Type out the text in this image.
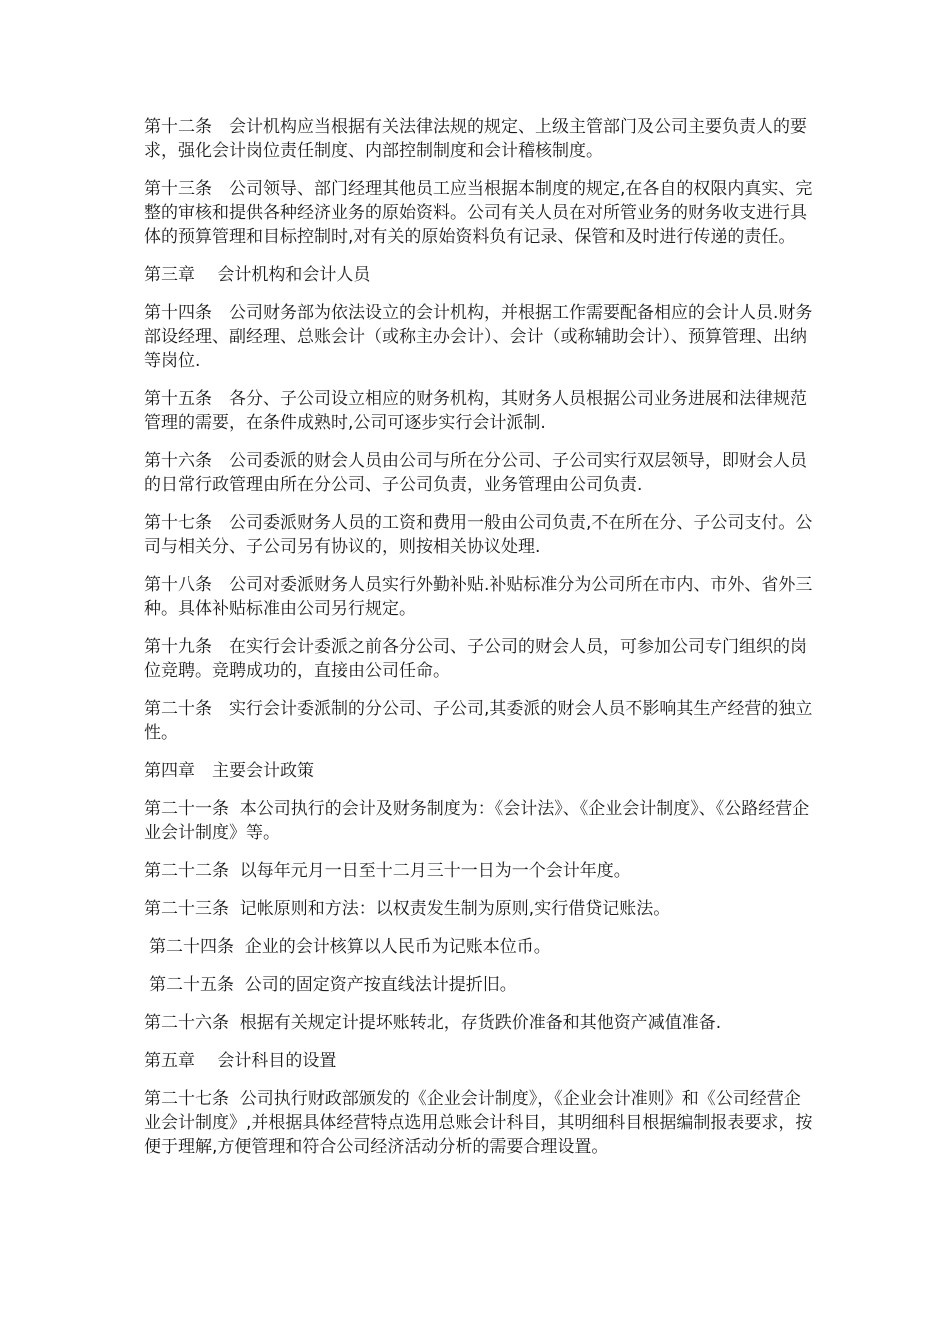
第十二条　会计机构应当根据有关法律法规的规定、上级主管部门及公司主要负责人的要求，强化会计岗位责任制度、内部控制制度和会计稽核制度。

第十三条　公司领导、部门经理其他员工应当根据本制度的规定,在各自的权限内真实、完整的审核和提供各种经济业务的原始资料。公司有关人员在对所管业务的财务收支进行具体的预算管理和目标控制时,对有关的原始资料负有记录、保管和及时进行传递的责任。

第三章　 会计机构和会计人员

第十四条　公司财务部为依法设立的会计机构，并根据工作需要配备相应的会计人员.财务部设经理、副经理、总账会计（或称主办会计）、会计（或称辅助会计）、预算管理、出纳等岗位.

第十五条　各分、子公司设立相应的财务机构，其财务人员根据公司业务进展和法律规范管理的需要，在条件成熟时,公司可逐步实行会计派制.

第十六条　公司委派的财会人员由公司与所在分公司、子公司实行双层领导，即财会人员的日常行政管理由所在分公司、子公司负责，业务管理由公司负责.

第十七条　公司委派财务人员的工资和费用一般由公司负责,不在所在分、子公司支付。公司与相关分、子公司另有协议的，则按相关协议处理.

第十八条　公司对委派财务人员实行外勤补贴.补贴标准分为公司所在市内、市外、省外三种。具体补贴标准由公司另行规定。

第十九条　在实行会计委派之前各分公司、子公司的财会人员，可参加公司专门组织的岗位竞聘。竞聘成功的，直接由公司任命。

第二十条　实行会计委派制的分公司、子公司,其委派的财会人员不影响其生产经营的独立性。

第四章　主要会计政策

第二十一条  本公司执行的会计及财务制度为：《会计法》、《企业会计制度》、《公路经营企业会计制度》等。

第二十二条  以每年元月一日至十二月三十一日为一个会计年度。

第二十三条  记帐原则和方法：以权责发生制为原则,实行借贷记账法。

第二十四条  企业的会计核算以人民币为记账本位币。

第二十五条  公司的固定资产按直线法计提折旧。

第二十六条  根据有关规定计提坏账转北，存货跌价准备和其他资产减值准备.

第五章　 会计科目的设置

第二十七条  公司执行财政部颁发的《企业会计制度》，《企业会计准则》和《公司经营企业会计制度》,并根据具体经营特点选用总账会计科目，其明细科目根据编制报表要求，按便于理解,方便管理和符合公司经济活动分析的需要合理设置。
